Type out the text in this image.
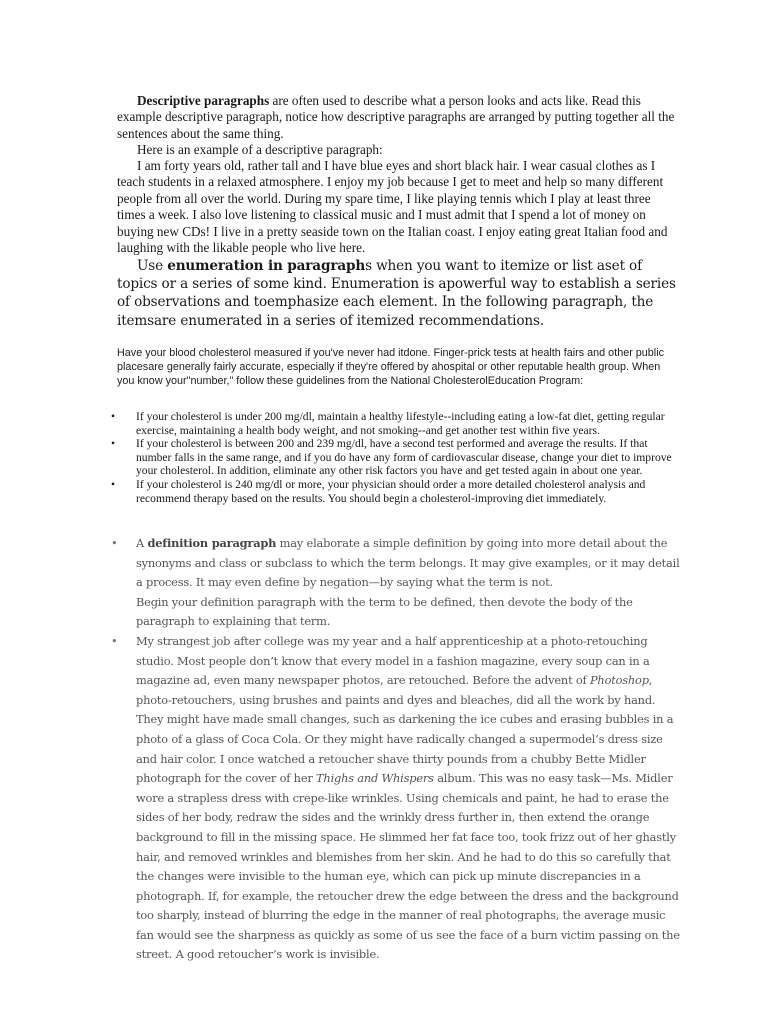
Descriptive paragraphs are often used to describe what a person looks and acts like. Read this example descriptive paragraph, notice how descriptive paragraphs are arranged by putting together all the sentences about the same thing.

Here is an example of a descriptive paragraph:

I am forty years old, rather tall and I have blue eyes and short black hair. I wear casual clothes as I teach students in a relaxed atmosphere. I enjoy my job because I get to meet and help so many different people from all over the world. During my spare time, I like playing tennis which I play at least three times a week. I also love listening to classical music and I must admit that I spend a lot of money on buying new CDs! I live in a pretty seaside town on the Italian coast. I enjoy eating great Italian food and laughing with the likable people who live here.

Use enumeration in paragraphs when you want to itemize or list aset of topics or a series of some kind. Enumeration is apowerful way to establish a series of observations and toemphasize each element. In the following paragraph, the itemsare enumerated in a series of itemized recommendations.

Have your blood cholesterol measured if you've never had itdone. Finger-prick tests at health fairs and other public placesare generally fairly accurate, especially if they're offered by ahospital or other reputable health group. When you know your"number," follow these guidelines from the National CholesterolEducation Program:

• If your cholesterol is under 200 mg/dl, maintain a healthy lifestyle--including eating a low-fat diet, getting regular exercise, maintaining a health body weight, and not smoking--and get another test within five years.
• If your cholesterol is between 200 and 239 mg/dl, have a second test performed and average the results. If that number falls in the same range, and if you do have any form of cardiovascular disease, change your diet to improve your cholesterol. In addition, eliminate any other risk factors you have and get tested again in about one year.
• If your cholesterol is 240 mg/dl or more, your physician should order a more detailed cholesterol analysis and recommend therapy based on the results. You should begin a cholesterol-improving diet immediately.
• A definition paragraph may elaborate a simple definition by going into more detail about the synonyms and class or subclass to which the term belongs. It may give examples, or it may detail a process. It may even define by negation—by saying what the term is not.
Begin your definition paragraph with the term to be defined, then devote the body of the paragraph to explaining that term.
• My strangest job after college was my year and a half apprenticeship at a photo-retouching studio. Most people don’t know that every model in a fashion magazine, every soup can in a magazine ad, even many newspaper photos, are retouched. Before the advent of Photoshop, photo-retouchers, using brushes and paints and dyes and bleaches, did all the work by hand. They might have made small changes, such as darkening the ice cubes and erasing bubbles in a photo of a glass of Coca Cola. Or they might have radically changed a supermodel’s dress size and hair color. I once watched a retoucher shave thirty pounds from a chubby Bette Midler photograph for the cover of her Thighs and Whispers album. This was no easy task—Ms. Midler wore a strapless dress with crepe-like wrinkles. Using chemicals and paint, he had to erase the sides of her body, redraw the sides and the wrinkly dress further in, then extend the orange background to fill in the missing space. He slimmed her fat face too, took frizz out of her ghastly hair, and removed wrinkles and blemishes from her skin. And he had to do this so carefully that the changes were invisible to the human eye, which can pick up minute discrepancies in a photograph. If, for example, the retoucher drew the edge between the dress and the background too sharply, instead of blurring the edge in the manner of real photographs, the average music fan would see the sharpness as quickly as some of us see the face of a burn victim passing on the street. A good retoucher’s work is invisible.
